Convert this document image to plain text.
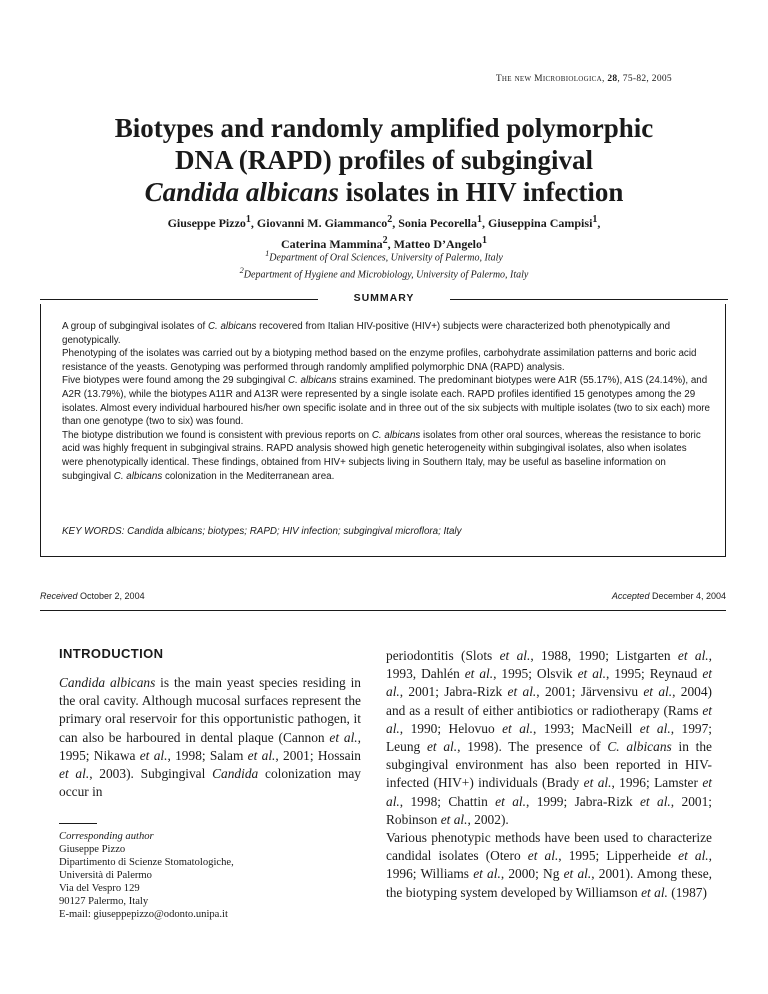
The new Microbiologica, 28, 75-82, 2005
Biotypes and randomly amplified polymorphic
DNA (RAPD) profiles of subgingival
Candida albicans isolates in HIV infection
Giuseppe Pizzo$^1$, Giovanni M. Giammanco$^2$, Sonia Pecorella$^1$, Giuseppina Campisi$^1$,
Caterina Mammina$^2$, Matteo D’Angelo$^1$
$^1$Department of Oral Sciences, University of Palermo, Italy
$^2$Department of Hygiene and Microbiology, University of Palermo, Italy
SUMMARY

A group of subgingival isolates of C. albicans recovered from Italian HIV-positive (HIV+) subjects were characterized both phenotypically and genotypically.

Phenotyping of the isolates was carried out by a biotyping method based on the enzyme profiles, carbohydrate assimilation patterns and boric acid resistance of the yeasts. Genotyping was performed through randomly amplified polymorphic DNA (RAPD) analysis.

Five biotypes were found among the 29 subgingival C. albicans strains examined. The predominant biotypes were A1R (55.17%), A1S (24.14%), and A2R (13.79%), while the biotypes A11R and A13R were represented by a single isolate each. RAPD profiles identified 15 genotypes among the 29 isolates. Almost every individual harboured his/her own specific isolate and in three out of the six subjects with multiple isolates (two to six each) more than one genotype (two to six) was found.

The biotype distribution we found is consistent with previous reports on C. albicans isolates from other oral sources, whereas the resistance to boric acid was highly frequent in subgingival strains. RAPD analysis showed high genetic heterogeneity within subgingival isolates, also when isolates were phenotypically identical. These findings, obtained from HIV+ subjects living in Southern Italy, may be useful as baseline information on subgingival C. albicans colonization in the Mediterranean area.

KEY WORDS: Candida albicans; biotypes; RAPD; HIV infection; subgingival microflora; Italy
Received October 2, 2004	Accepted December 4, 2004
INTRODUCTION

Candida albicans is the main yeast species residing in the oral cavity. Although mucosal surfaces represent the primary oral reservoir for this opportunistic pathogen, it can also be harboured in dental plaque (Cannon et al., 1995; Nikawa et al., 1998; Salam et al., 2001; Hossain et al., 2003). Subgingival Candida colonization may occur in

Corresponding author
Giuseppe Pizzo
Dipartimento di Scienze Stomatologiche,
Università di Palermo
Via del Vespro 129
90127 Palermo, Italy
E-mail: giuseppepizzo@odonto.unipa.it

periodontitis (Slots et al., 1988, 1990; Listgarten et al., 1993, Dahlén et al., 1995; Olsvik et al., 1995; Reynaud et al., 2001; Jabra-Rizk et al., 2001; Järvensivu et al., 2004) and as a result of either antibiotics or radiotherapy (Rams et al., 1990; Helovuo et al., 1993; MacNeill et al., 1997; Leung et al., 1998). The presence of C. albicans in the subgingival environment has also been reported in HIV-infected (HIV+) individuals (Brady et al., 1996; Lamster et al., 1998; Chattin et al., 1999; Jabra-Rizk et al., 2001; Robinson et al., 2002).

Various phenotypic methods have been used to characterize candidal isolates (Otero et al., 1995; Lipperheide et al., 1996; Williams et al., 2000; Ng et al., 2001). Among these, the biotyping system developed by Williamson et al. (1987)
